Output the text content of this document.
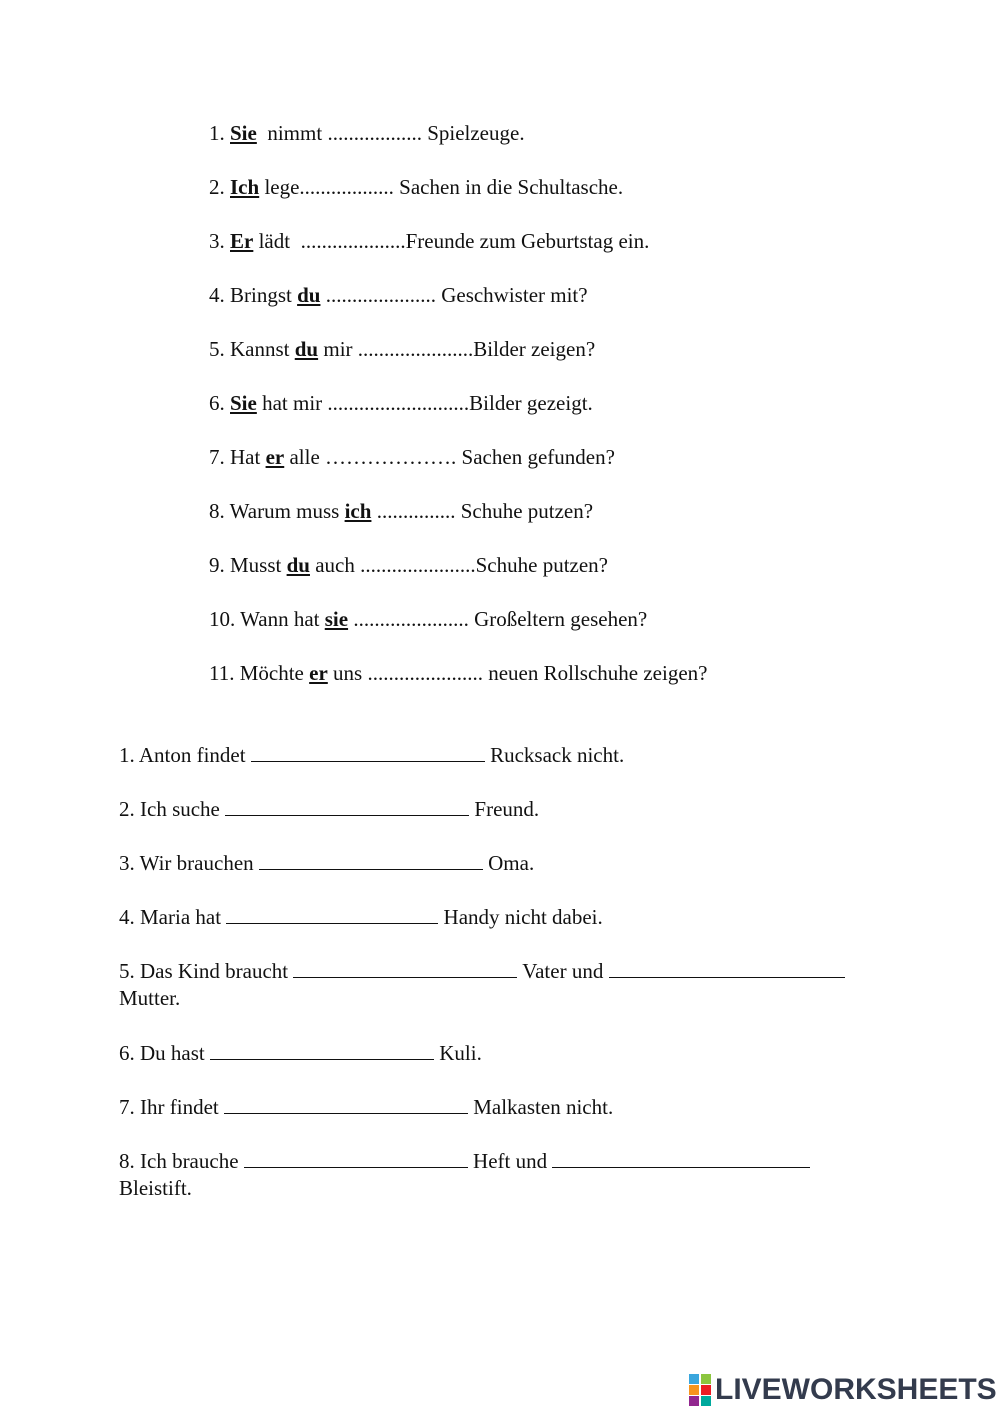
1. Sie  nimmt .................. Spielzeuge.
2. Ich lege.................. Sachen in die Schultasche.
3. Er lädt  ....................Freunde zum Geburtstag ein.
4. Bringst du ..................... Geschwister mit?
5. Kannst du mir ......................Bilder zeigen?
6. Sie hat mir ...........................Bilder gezeigt.
7. Hat er alle ………………. Sachen gefunden?
8. Warum muss ich ............... Schuhe putzen?
9. Musst du auch ......................Schuhe putzen?
10. Wann hat sie ...................... Großeltern gesehen?
11. Möchte er uns ...................... neuen Rollschuhe zeigen?
1. Anton findet	Rucksack nicht.
2. Ich suche	Freund.
3. Wir brauchen	Oma.
4. Maria hat	Handy nicht dabei.
5. Das Kind braucht	Vater und
Mutter.
6. Du hast	Kuli.
7. Ihr findet	Malkasten nicht.
8. Ich brauche	Heft und
Bleistift.
LIVEWORKSHEETS
